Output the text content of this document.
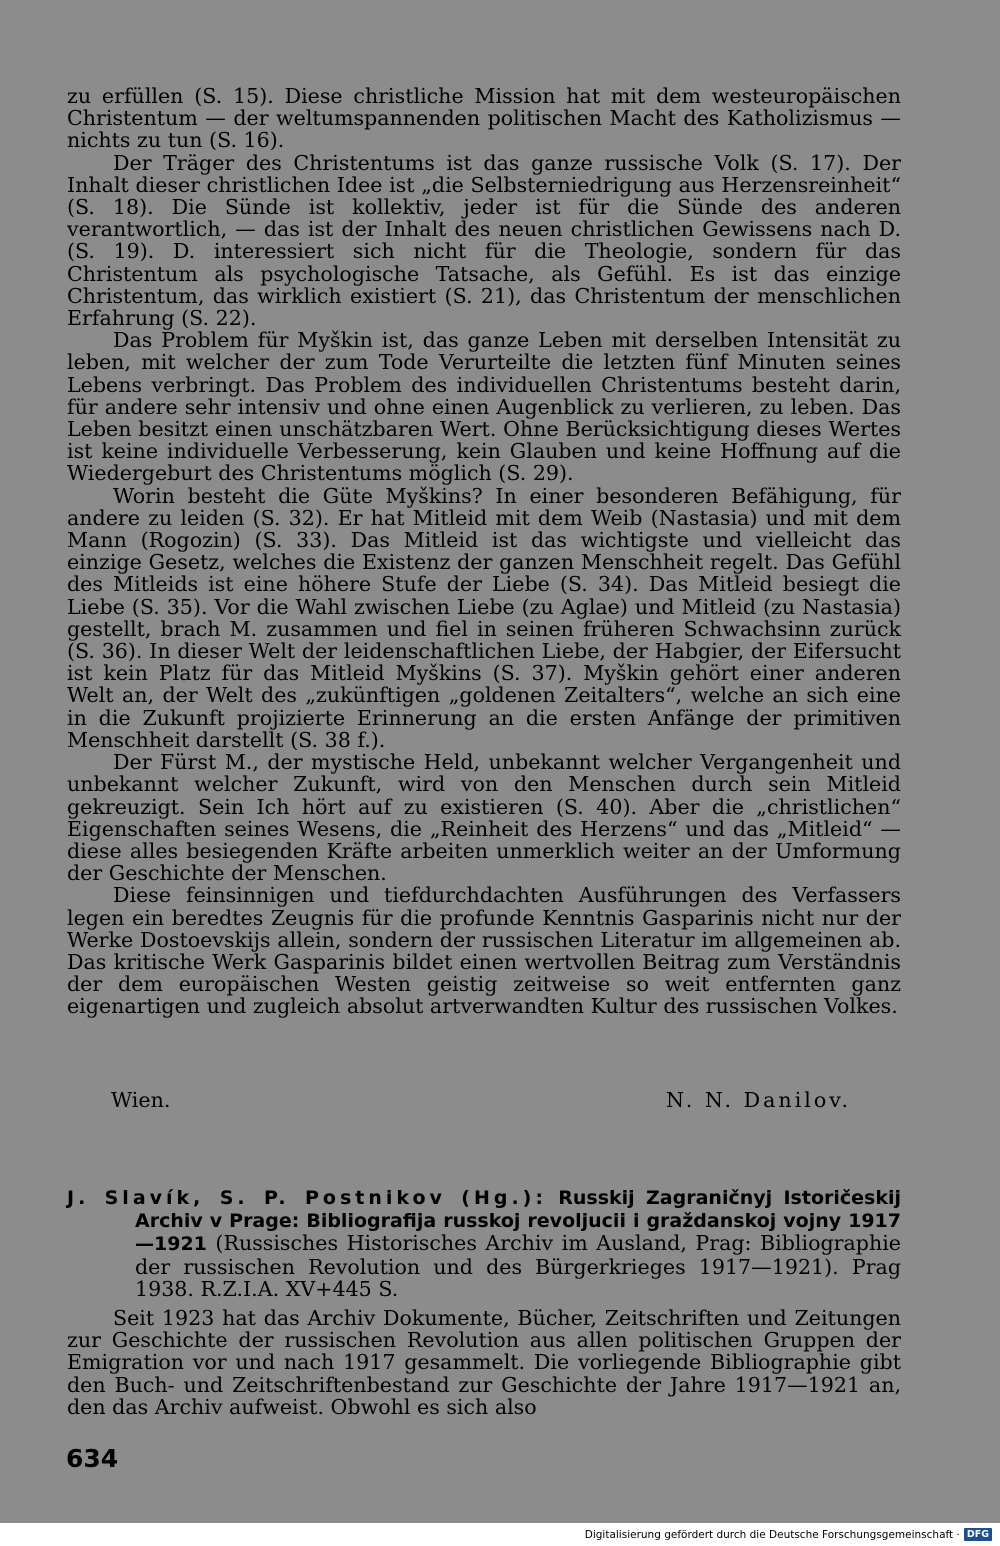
zu erfüllen (S. 15). Diese christliche Mission hat mit dem westeuropäischen Christentum — der weltumspannenden politischen Macht des Katholizismus — nichts zu tun (S. 16).

Der Träger des Christentums ist das ganze russische Volk (S. 17). Der Inhalt dieser christlichen Idee ist „die Selbsterniedrigung aus Herzensreinheit“ (S. 18). Die Sünde ist kollektiv, jeder ist für die Sünde des anderen verantwortlich, — das ist der Inhalt des neuen christlichen Gewissens nach D. (S. 19). D. interessiert sich nicht für die Theologie, sondern für das Christentum als psychologische Tatsache, als Gefühl. Es ist das einzige Christentum, das wirklich existiert (S. 21), das Christentum der menschlichen Erfahrung (S. 22).

Das Problem für Myškin ist, das ganze Leben mit derselben Intensität zu leben, mit welcher der zum Tode Verurteilte die letzten fünf Minuten seines Lebens verbringt. Das Problem des individuellen Christentums besteht darin, für andere sehr intensiv und ohne einen Augenblick zu verlieren, zu leben. Das Leben besitzt einen unschätzbaren Wert. Ohne Berücksichtigung dieses Wertes ist keine individuelle Verbesserung, kein Glauben und keine Hoffnung auf die Wiedergeburt des Christentums möglich (S. 29).

Worin besteht die Güte Myškins? In einer besonderen Befähigung, für andere zu leiden (S. 32). Er hat Mitleid mit dem Weib (Nastasia) und mit dem Mann (Rogozin) (S. 33). Das Mitleid ist das wichtigste und vielleicht das einzige Gesetz, welches die Existenz der ganzen Menschheit regelt. Das Gefühl des Mitleids ist eine höhere Stufe der Liebe (S. 34). Das Mitleid besiegt die Liebe (S. 35). Vor die Wahl zwischen Liebe (zu Aglae) und Mitleid (zu Nastasia) gestellt, brach M. zusammen und fiel in seinen früheren Schwachsinn zurück (S. 36). In dieser Welt der leidenschaftlichen Liebe, der Habgier, der Eifersucht ist kein Platz für das Mitleid Myškins (S. 37). Myškin gehört einer anderen Welt an, der Welt des „zukünftigen „goldenen Zeitalters“, welche an sich eine in die Zukunft projizierte Erinnerung an die ersten Anfänge der primitiven Menschheit darstellt (S. 38 f.).

Der Fürst M., der mystische Held, unbekannt welcher Vergangenheit und unbekannt welcher Zukunft, wird von den Menschen durch sein Mitleid gekreuzigt. Sein Ich hört auf zu existieren (S. 40). Aber die „christlichen“ Eigenschaften seines Wesens, die „Reinheit des Herzens“ und das „Mitleid“ — diese alles besiegenden Kräfte arbeiten unmerklich weiter an der Umformung der Geschichte der Menschen.

Diese feinsinnigen und tiefdurchdachten Ausführungen des Verfassers legen ein beredtes Zeugnis für die profunde Kenntnis Gasparinis nicht nur der Werke Dostoevskijs allein, sondern der russischen Literatur im allgemeinen ab. Das kritische Werk Gasparinis bildet einen wertvollen Beitrag zum Verständnis der dem europäischen Westen geistig zeitweise so weit entfernten ganz eigenartigen und zugleich absolut artverwandten Kultur des russischen Volkes.

Wien.	N. N. Danilov.
J. Slavík, S. P. Postnikov (Hg.): Russkij Zagraničnyj Istoričeskij Archiv v Prage: Bibliografija russkoj revoljucii i graždanskoj vojny 1917—1921 (Russisches Historisches Archiv im Ausland, Prag: Bibliographie der russischen Revolution und des Bürgerkrieges 1917—1921). Prag 1938. R.Z.I.A. XV+445 S.

Seit 1923 hat das Archiv Dokumente, Bücher, Zeitschriften und Zeitungen zur Geschichte der russischen Revolution aus allen politischen Gruppen der Emigration vor und nach 1917 gesammelt. Die vorliegende Bibliographie gibt den Buch- und Zeitschriftenbestand zur Geschichte der Jahre 1917—1921 an, den das Archiv aufweist. Obwohl es sich also

634
Digitalisierung gefördert durch die Deutsche Forschungsgemeinschaft · DFG
